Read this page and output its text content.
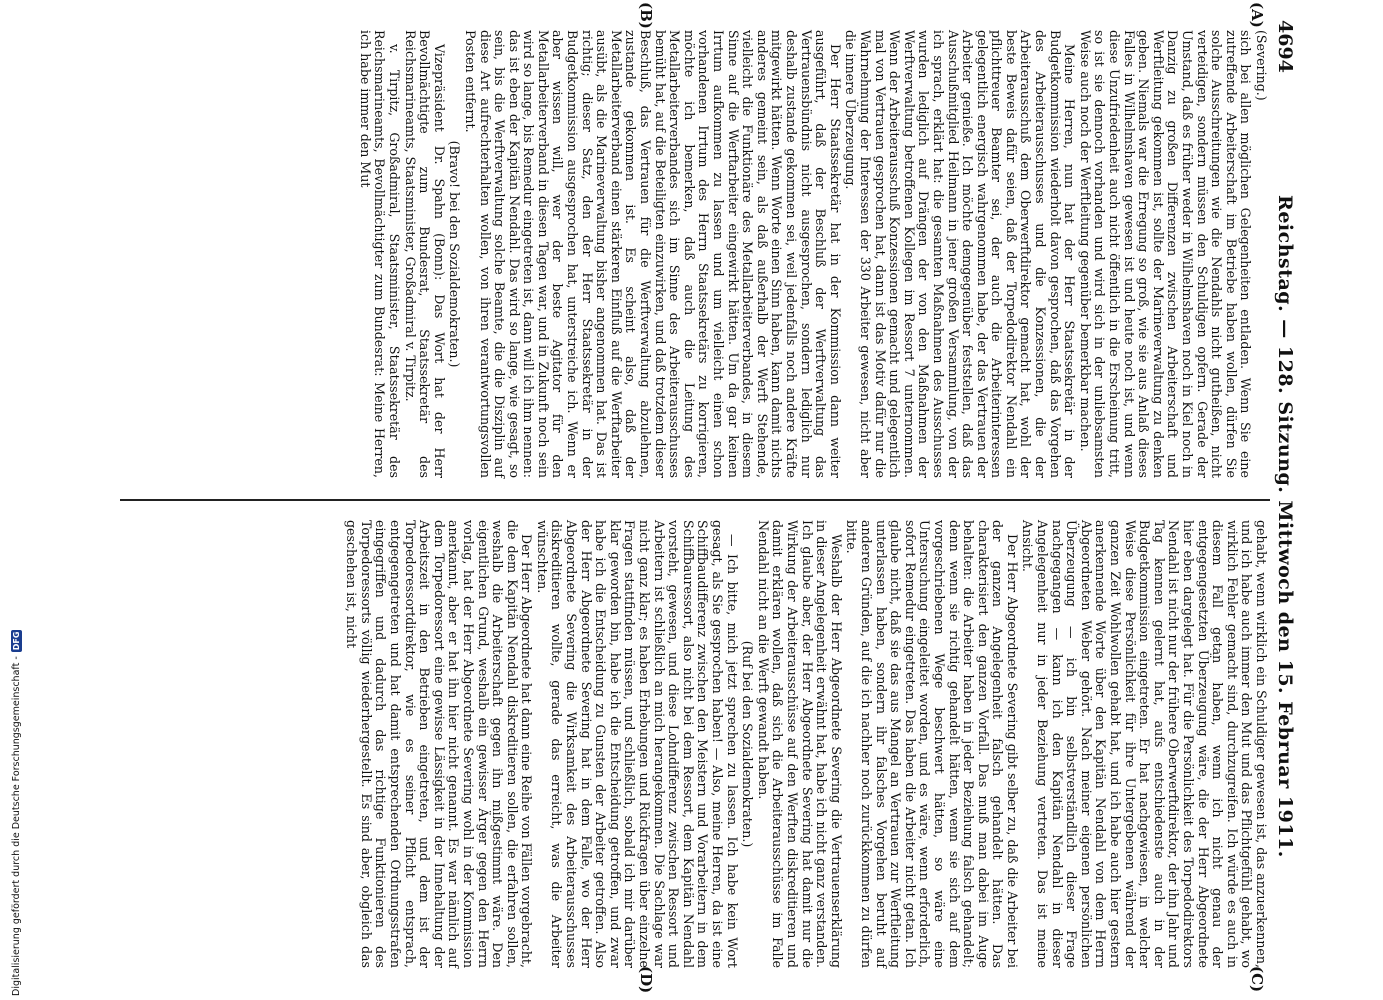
4694
Reichstag. — 128. Sitzung. Mittwoch den 15. Februar 1911.
(A)
(B)
(C)
(D)

(Severing.)

sich bei allen möglichen Gelegenheiten entladen. Wenn Sie eine zutreffende Arbeiterschaft im Betriebe haben wollen, dürfen Sie solche Ausschreitungen wie die Nendahls nicht gutheißen, nicht verteidigen, sondern müssen den Schuldigen opfern. Gerade der Umstand, daß es früher weder in Wilhelmshaven noch in Kiel noch in Danzig zu großen Differenzen zwischen Arbeiterschaft und Werftleitung gekommen ist, sollte der Marineverwaltung zu denken geben. Niemals war die Erregung so groß, wie sie aus Anlaß dieses Falles in Wilhelmshaven gewesen ist und heute noch ist, und wenn diese Unzufriedenheit auch nicht öffentlich in die Erscheinung tritt, so ist sie dennoch vorhanden und wird sich in der unliebsamsten Weise auch noch der Werftleitung gegenüber bemerkbar machen.

Meine Herren, nun hat der Herr Staatssekretär in der Budgetkommission wiederholt davon gesprochen, daß das Vorgehen des Arbeiterausschusses und die Konzessionen, die der Arbeiterausschuß dem Oberwerftdirektor gemacht hat, wohl der beste Beweis dafür seien, daß der Torpedodirektor Nendahl ein pflichttreuer Beamter sei, der auch die Arbeiterinteressen gelegentlich energisch wahrgenommen habe, der das Vertrauen der Arbeiter genieße. Ich möchte demgegenüber feststellen, daß das Ausschußmitglied Heilmann in jener großen Versammlung, von der ich sprach, erklärt hat: die gesamten Maßnahmen des Ausschusses wurden lediglich auf Drängen der von den Maßnahmen der Werftverwaltung betroffenen Kollegen im Ressort 7 unternommen. Wenn der Arbeiterausschuß Konzessionen gemacht und gelegentlich mal von Vertrauen gesprochen hat, dann ist das Motiv dafür nur die Wahrnehmung der Interessen der 330 Arbeiter gewesen, nicht aber die innere Überzeugung.

Der Herr Staatssekretär hat in der Kommission dann weiter ausgeführt, daß der Beschluß der Werftverwaltung das Vertrauensbündnis nicht ausgesprochen, sondern lediglich nur deshalb zustande gekommen sei, weil jedenfalls noch andere Kräfte mitgewirkt hätten. Wenn Worte einen Sinn haben, kann damit nichts anderes gemeint sein, als daß außerhalb der Werft Stehende, vielleicht die Funktionäre des Metallarbeiterverbandes, in diesem Sinne auf die Werftarbeiter eingewirkt hätten. Um da gar keinen Irrtum aufkommen zu lassen und um vielleicht einen schon vorhandenen Irrtum des Herrn Staatssekretärs zu korrigieren, möchte ich bemerken, daß auch die Leitung des Metallarbeiterverbandes sich im Sinne des Arbeiterausschusses bemüht hat, auf die Beteiligten einzuwirken, und daß trotzdem dieser Beschluß, das Vertrauen für die Werftverwaltung abzulehnen, zustande gekommen ist. Es scheint also, daß der Metallarbeiterverband einen stärkeren Einfluß auf die Werftarbeiter ausübt, als die Marineverwaltung bisher angenommen hat. Das ist richtig; dieser Satz, den der Herr Staatssekretär in der Budgetkommission ausgesprochen hat, unterstreiche ich. Wenn er aber wissen will, wer der beste Agitator für den Metallarbeiterverband in diesen Tagen war, und in Zukunft noch sein wird so lange, bis Remedur eingetreten ist, dann will ich ihm nennen: das ist eben der Kapitän Nendahl. Das wird so lange, wie gesagt, so sein, bis die Werftverwaltung solche Beamte, die die Disziplin auf diese Art aufrechterhalten wollen, von ihren verantwortungsvollen Posten entfernt.

(Bravo! bei den Sozialdemokraten.)

Vizepräsident Dr. Spahn (Bonn): Das Wort hat der Herr Bevollmächtigte zum Bundesrat, Staatssekretär des Reichsmarineamts, Staatsminister, Großadmiral v. Tirpitz.

v. Tirpitz, Großadmiral, Staatsminister, Staatssekretär des Reichsmarineamts, Bevollmächtigter zum Bundesrat: Meine Herren, ich habe immer den Mut

gehabt, wenn wirklich ein Schuldiger gewesen ist, das anzuerkennen, und ich habe auch immer den Mut und das Pflichtgefühl gehabt, wo wirklich Fehler gemacht sind, durchzugreifen. Ich würde es auch in diesem Fall getan haben, wenn ich nicht genau der entgegengesetzten Überzeugung wäre, die der Herr Abgeordnete hier eben dargelegt hat. Für die Persönlichkeit des Torpedodirektors Nendahl ist nicht nur der frühere Oberwerftdirektor, der ihn Jahr und Tag kennen gelernt hat, aufs entschiedenste auch in der Budgetkommission eingetreten. Er hat nachgewiesen, in welcher Weise diese Persönlichkeit für ihre Untergebenen während der ganzen Zeit Wohlwollen gehabt hat, und ich habe auch hier gestern anerkennende Worte über den Kapitän Nendahl von dem Herrn Abgeordneten Weber gehört. Nach meiner eigenen persönlichen Überzeugung — ich bin selbstverständlich dieser Frage nachgegangen — kann ich den Kapitän Nendahl in dieser Angelegenheit nur in jeder Beziehung vertreten. Das ist meine Ansicht.

Der Herr Abgeordnete Severing gibt selber zu, daß die Arbeiter bei der ganzen Angelegenheit falsch gehandelt hätten. Das charakterisiert den ganzen Vorfall. Das muß man dabei im Auge behalten: die Arbeiter haben in jeder Beziehung falsch gehandelt; denn wenn sie richtig gehandelt hätten, wenn sie sich auf dem vorgeschriebenen Wege beschwert hätten, so wäre eine Untersuchung eingeleitet worden, und es wäre, wenn erforderlich, sofort Remedur eingetreten. Das haben die Arbeiter nicht getan. Ich glaube nicht, daß sie das aus Mangel an Vertrauen zur Werftleitung unterlassen haben, sondern ihr falsches Vorgehen beruht auf anderen Gründen, auf die ich nachher noch zurückkommen zu dürfen bitte.

Weshalb der Herr Abgeordnete Severing die Vertrauenserklärung in dieser Angelegenheit erwähnt hat, habe ich nicht ganz verstanden. Ich glaube aber, der Herr Abgeordnete Severing hat damit nur die Wirkung der Arbeiterausschüsse auf den Werften diskreditieren und damit erklären wollen, daß sich die Arbeiterausschüsse im Falle Nendahl nicht an die Werft gewandt haben.

(Ruf bei den Sozialdemokraten.)

— Ich bitte, mich jetzt sprechen zu lassen. Ich habe kein Wort gesagt, als Sie gesprochen haben! — Also, meine Herren, da ist eine Schiffbaudifferenz zwischen den Meistern und Vorarbeitern in dem Schiffbauressort, also nicht bei dem Ressort, dem Kapitän Nendahl vorsteht, gewesen, und diese Lohndifferenz zwischen Ressort und Arbeitern ist schließlich an mich herangekommen. Die Sachlage war nicht ganz klar; es haben Erhebungen und Rückfragen über einzelne Fragen stattfinden müssen, und schließlich, sobald ich mir darüber klar geworden bin, habe ich die Entscheidung getroffen, und zwar habe ich die Entscheidung zu Gunsten der Arbeiter getroffen. Also der Herr Abgeordnete Severing hat in dem Falle, wo der Herr Abgeordnete Severing die Wirksamkeit des Arbeiterausschusses diskreditieren wollte, gerade das erreicht, was die Arbeiter wünschten.

Der Herr Abgeordnete hat dann eine Reihe von Fällen vorgebracht, die dem Kapitän Nendahl diskreditieren sollen, die erfahren sollen, weshalb die Arbeiterschaft gegen ihn mißgestimmt wäre. Den eigentlichen Grund, weshalb ein gewisser Ärger gegen den Herrn vorlag, hat der Herr Abgeordnete Severing wohl in der Kommission anerkannt, aber er hat ihn hier nicht genannt. Es war nämlich auf dem Torpedoressort eine gewisse Lässigkeit in der Innehaltung der Arbeitszeit in den Betrieben eingetreten, und dem ist der Torpedoressortdirektor, wie es seiner Pflicht entsprach, entgegengetreten und hat damit entsprechenden Ordnungsstrafen eingegriffen und dadurch das richtige Funktionieren des Torpedoressorts völlig wiederhergestellt. Es sind aber, obgleich das geschehen ist, nicht

Digitalisierung gefördert durch die Deutsche Forschungsgemeinschaft -
DFG
